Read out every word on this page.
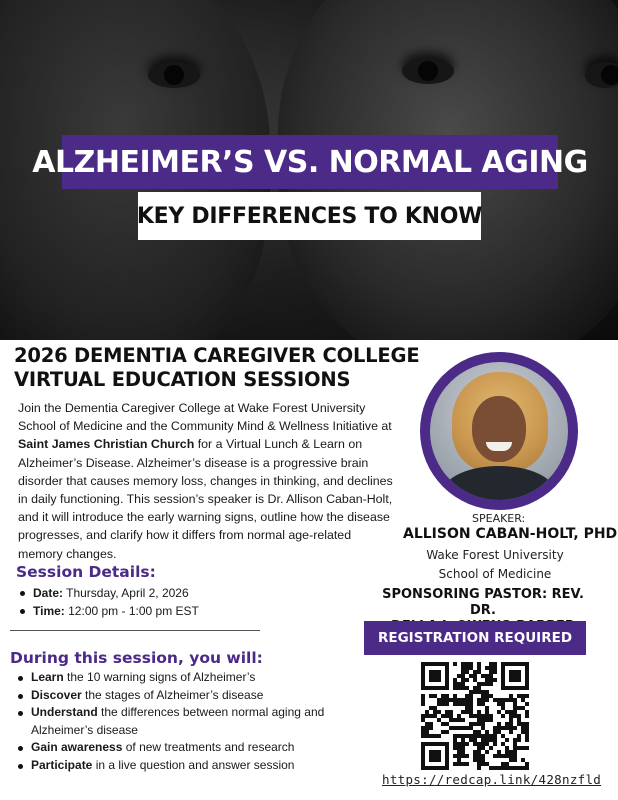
ALZHEIMER’S VS. NORMAL AGING
KEY DIFFERENCES TO KNOW
2026 DEMENTIA CAREGIVER COLLEGE
VIRTUAL EDUCATION SESSIONS

Join the Dementia Caregiver College at Wake Forest University School of Medicine and the Community Mind & Wellness Initiative at Saint James Christian Church for a Virtual Lunch & Learn on Alzheimer’s Disease. Alzheimer’s disease is a progressive brain disorder that causes memory loss, changes in thinking, and declines in daily functioning. This session’s speaker is Dr. Allison Caban-Holt, and it will introduce the early warning signs, outline how the disease progresses, and clarify how it differs from normal age-related memory changes.

SPEAKER:
ALLISON CABAN-HOLT, PHD
Wake Forest University
School of Medicine
SPONSORING PASTOR: REV. DR.
REGISTRATION REQUIRED
https://redcap.link/428nzfld
Session Details:
Date: Thursday, April 2, 2026
Time: 12:00 pm - 1:00 pm EST
During this session, you will:
Learn the 10 warning signs of Alzheimer’s
Discover the stages of Alzheimer’s disease
Understand the differences between normal aging and Alzheimer’s disease
Gain awareness of new treatments and research
Participate in a live question and answer session
